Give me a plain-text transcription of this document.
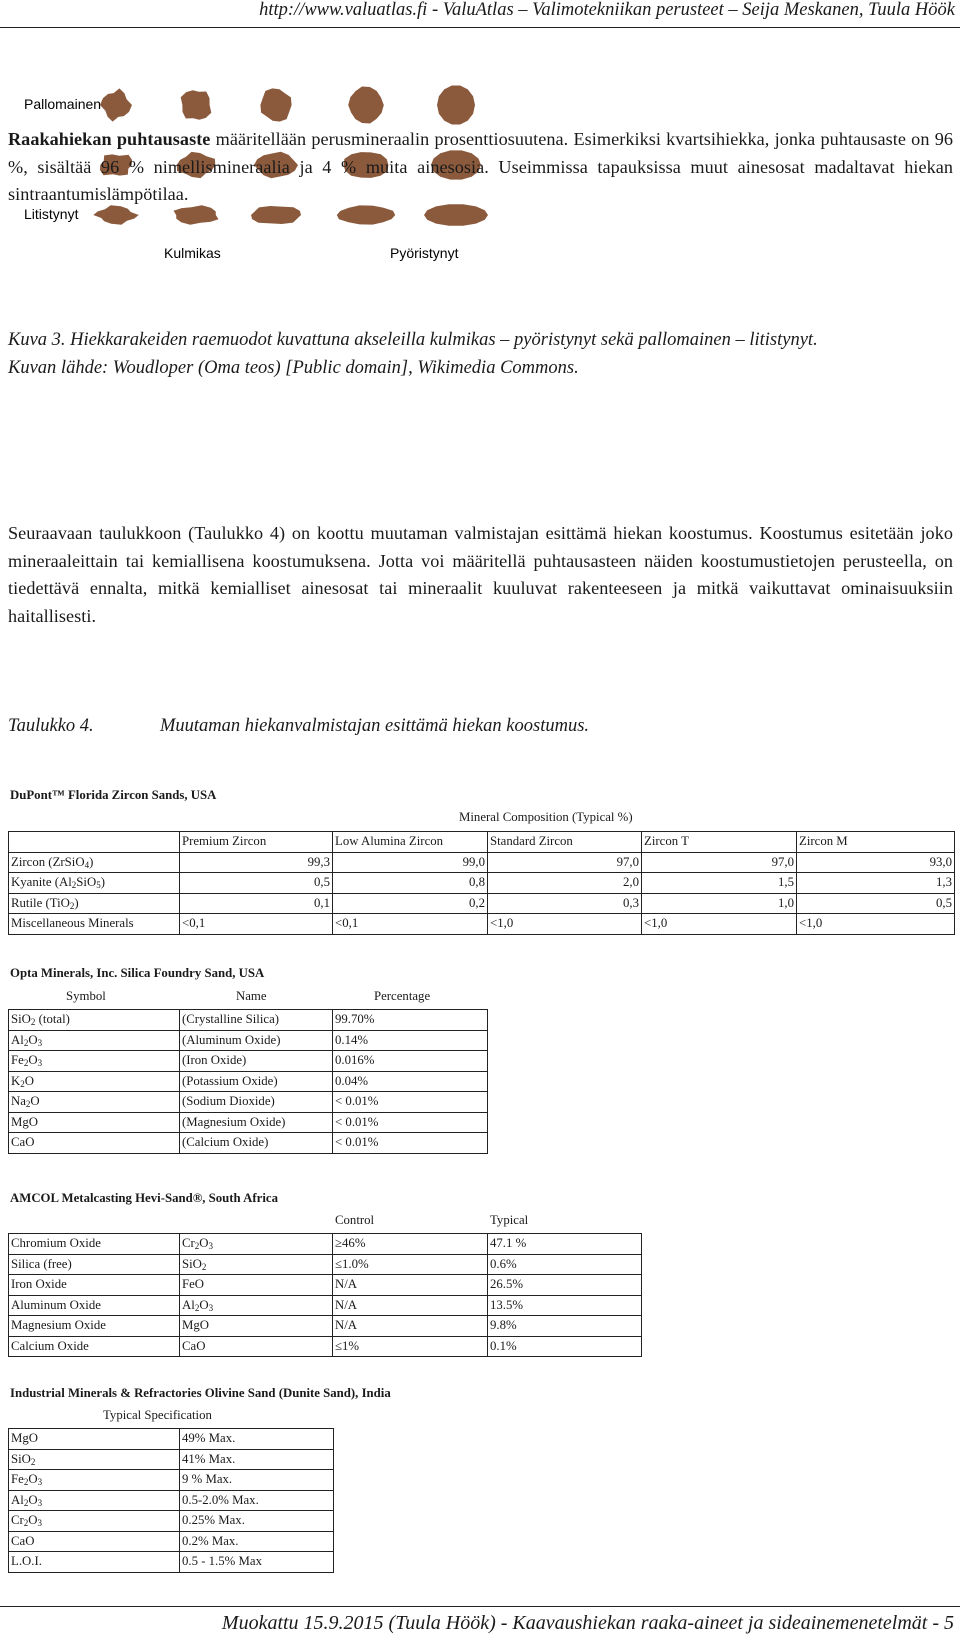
http://www.valuatlas.fi - ValuAtlas – Valimotekniikan perusteet – Seija Meskanen, Tuula Höök
Pallomainen
Litistynyt
Kulmikas	Pyöristynyt
Kuva 3. Hiekkarakeiden raemuodot kuvattuna akseleilla kulmikas – pyöristynyt sekä pallomainen – litistynyt.
Kuvan lähde: Woudloper (Oma teos) [Public domain], Wikimedia Commons.
Raakahiekan puhtausaste määritellään perusmineraalin prosenttiosuutena. Esimerkiksi kvartsihiekka, jonka puhtausaste on 96 %, sisältää 96 % nimellismineraalia ja 4 % muita ainesosia. Useimmissa tapauksissa muut ainesosat madaltavat hiekan sintraantumislämpötilaa.
Seuraavaan taulukkoon (Taulukko 4) on koottu muutaman valmistajan esittämä hiekan koostumus. Koostumus esitetään joko mineraaleittain tai kemiallisena koostumuksena. Jotta voi määritellä puhtausasteen näiden koostumustietojen perusteella, on tiedettävä ennalta, mitkä kemialliset ainesosat tai mineraalit kuuluvat rakenteeseen ja mitkä vaikuttavat ominaisuuksiin haitallisesti.
Taulukko 4.	Muutaman hiekanvalmistajan esittämä hiekan koostumus.
DuPont™ Florida Zircon Sands, USA
Mineral Composition (Typical %)
	Premium Zircon	Low Alumina Zircon	Standard Zircon	Zircon T	Zircon M
Zircon (ZrSiO$_4$)	99,3	99,0	97,0	97,0	93,0
Kyanite $(Al_2SiO_5)$	0,5	0,8	2,0	1,5	1,3
Rutile (TiO$_2$)	0,1	0,2	0,3	1,0	0,5
Miscellaneous Minerals	<0,1	<0,1	<1,0	<1,0	<1,0
Opta Minerals, Inc. Silica Foundry Sand, USA
Symbol	Name	Percentage
SiO$_2$ (total)	(Crystalline Silica)	99.70%
$Al_2O_3$	(Aluminum Oxide)	0.14%
$Fe_2O_3$	(Iron Oxide)	0.016%
$K_2O$	(Potassium Oxide)	0.04%
$Na_2O$	(Sodium Dioxide)	< 0.01%
MgO	(Magnesium Oxide)	< 0.01%
CaO	(Calcium Oxide)	< 0.01%
AMCOL Metalcasting Hevi-Sand®, South Africa
Control	Typical
Chromium Oxide	$Cr_2O_3$	≥46%	47.1 %
Silica (free)	SiO$_2$	≤1.0%	0.6%
Iron Oxide	FeO	N/A	26.5%
Aluminum Oxide	$Al_2O_3$	N/A	13.5%
Magnesium Oxide	MgO	N/A	9.8%
Calcium Oxide	CaO	≤1%	0.1%
Industrial Minerals & Refractories Olivine Sand (Dunite Sand), India
Typical Specification
MgO	49% Max.
SiO$_2$	41% Max.
$Fe_2O_3$	9 % Max.
$Al_2O_3$	0.5-2.0% Max.
$Cr_2O_3$	0.25% Max.
CaO	0.2% Max.
L.O.I.	0.5 - 1.5% Max
Muokattu 15.9.2015 (Tuula Höök) - Kaavaushiekan raaka-aineet ja sideainemenetelmät - 5
